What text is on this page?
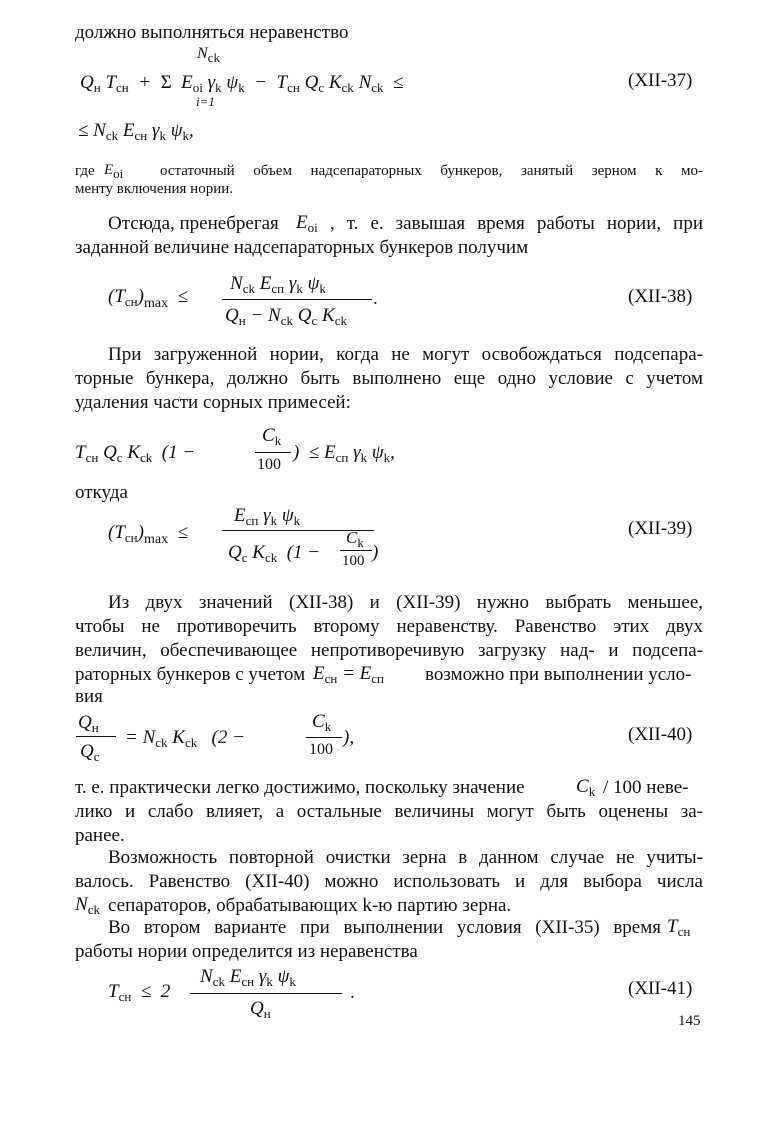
должно выполняться неравенство
$N_{ck}$
$Q_н$ $T_{сн} + \Sigma$  $E_{oi}$ $\gamma_k$ $\psi_k - T_{сн}$ $Q_c$ $K_{ck}$ $N_{ck}$  ≤
i=1
(XII-37)
≤ $N_{ck}$ $E_{сн}$ $\gamma_k$ $\psi_k$,
где Eoi остаточный объем надсепараторных бункеров, занятый зерном к мо-
менту включения нории.
Отсюда, пренебрегая $E_{oi}$ , т. е. завышая время работы нории, при
заданной величине надсепараторных бункеров получим
$(T_{сн})_{max}$  ≤
$N_{ck}$ $E_{сп}$ $\gamma_k$ $\psi_k$
$Q_н - N_{ck}$ $Q_c$ $K_{ck}$
.	(XII-38)
При загруженной нории, когда не могут освобождаться подсепара-
торные бункера, должно быть выполнено еще одно условие с учетом
удаления части сорных примесей:
$T_{сн}$ $Q_c$ $K_{ck}$  (1 −
$C_k$
100
)  ≤ $E_{сп}$ $\gamma_k$ $\psi_k$,
откуда
$(T_{сн})_{max}$  ≤
$E_{сп}$ $\gamma_k$ $\psi_k$
$Q_c$ $K_{ck}$  (1 −
$C_k$
100 )
(XII-39)
Из двух значений (XII-38) и (XII-39) нужно выбрать меньшее,
чтобы не противоречить второму неравенству. Равенство этих двух
величин, обеспечивающее непротиворечивую загрузку над- и подсепа-
раторных бункеров с учетом $E_{сн} = E_{сп}$ возможно при выполнении усло-
вия
$Q_н$
$Q_c$
= $N_{ck}$ $K_{ck}$   (2 −
$C_k$
100
),	(XII-40)
т. е. практически легко достижимо, поскольку значение	$C_k / 100$ неве-
лико и слабо влияет, а остальные величины могут быть оценены за-
ранее.
Возможность повторной очистки зерна в данном случае не учиты-
валось. Равенство (XII-40) можно использовать и для выбора числа
$N_{ck}$ сепараторов, обрабатывающих k-ю партию зерна.
Во втором варианте при выполнении условия (XII-35) время $T_{сн}$
работы нории определится из неравенства
$T_{сн} \le 2$
$N_{ck}$ $E_{сн}$ $\gamma_k$ $\psi_k$
$Q_н$
.	(XII-41)
145
